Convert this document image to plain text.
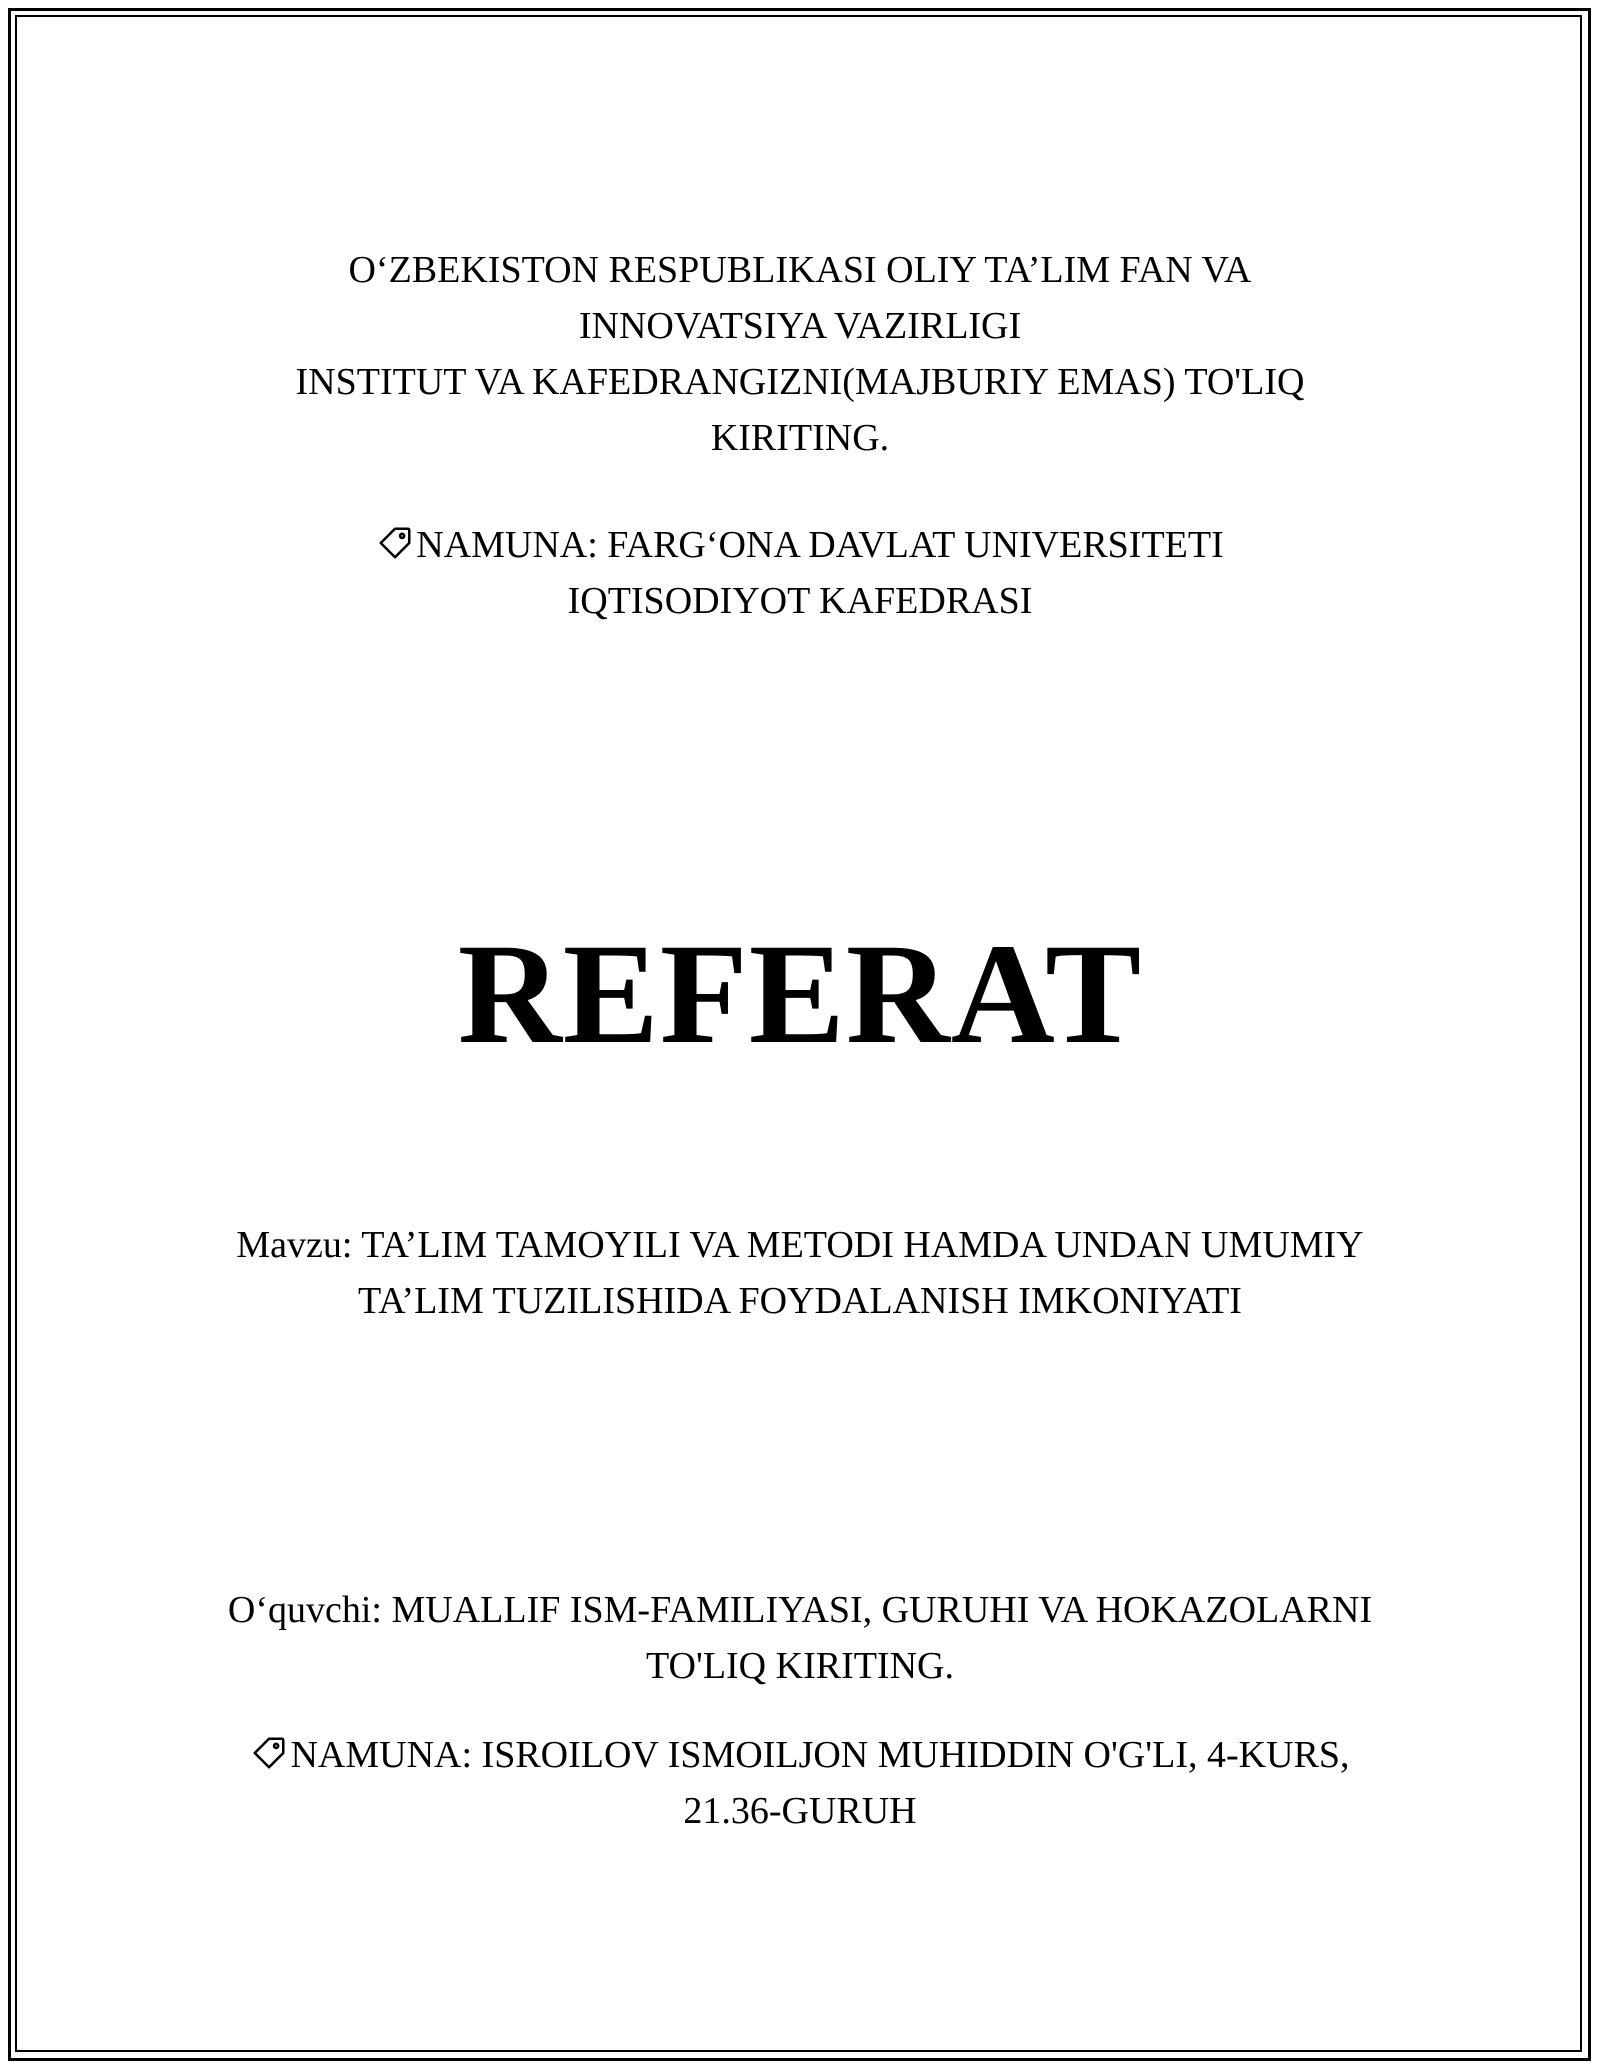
O‘ZBEKISTON RESPUBLIKASI OLIY TA’LIM FAN VA
INNOVATSIYA VAZIRLIGI
INSTITUT VA KAFEDRANGIZNI(MAJBURIY EMAS) TO'LIQ
KIRITING.
NAMUNA: FARG‘ONA DAVLAT UNIVERSITETI
IQTISODIYOT KAFEDRASI
REFERAT
Mavzu: TA’LIM TAMOYILI VA METODI HAMDA UNDAN UMUMIY
TA’LIM TUZILISHIDA FOYDALANISH IMKONIYATI
O‘quvchi: MUALLIF ISM-FAMILIYASI, GURUHI VA HOKAZOLARNI
TO'LIQ KIRITING.
NAMUNA: ISROILOV ISMOILJON MUHIDDIN O'G'LI, 4-KURS,
21.36-GURUH
